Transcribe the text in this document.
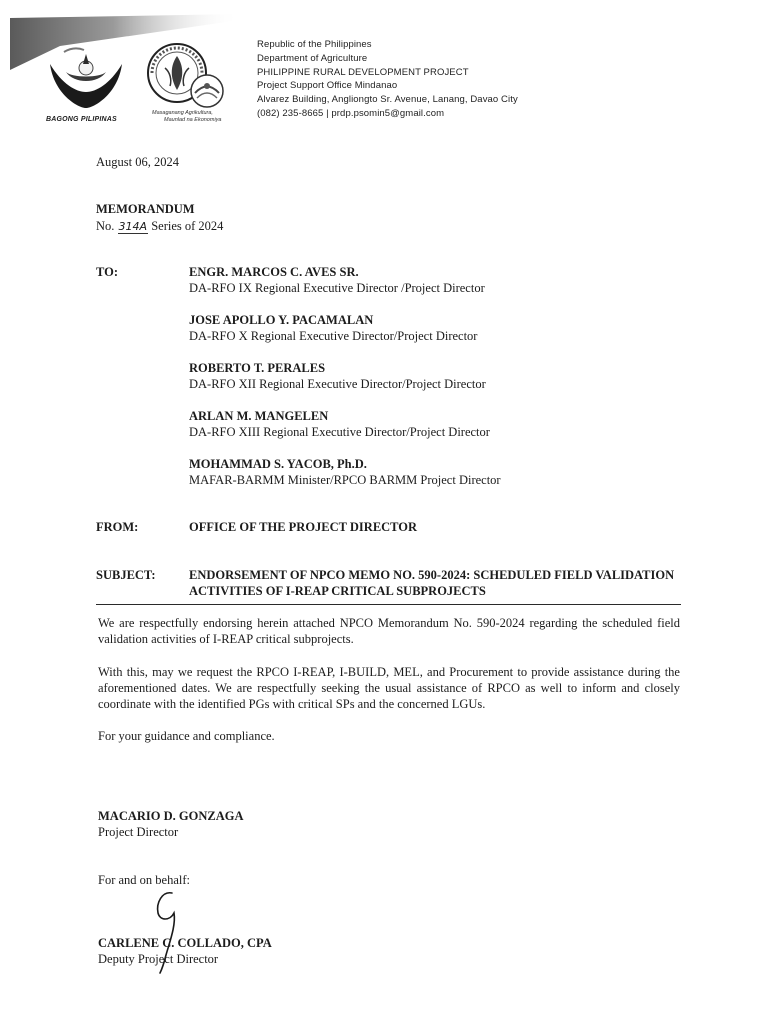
BAGONG PILIPINAS
Masaganang Agrikultura,
Maunlad na Ekonomiya
Republic of the Philippines
Department of Agriculture
PHILIPPINE RURAL DEVELOPMENT PROJECT
Project Support Office Mindanao
Alvarez Building, Angliongto Sr. Avenue, Lanang, Davao City
(082) 235-8665 | prdp.psomin5@gmail.com
August 06, 2024
MEMORANDUM
No. 314A Series of 2024
TO:	ENGR. MARCOS C. AVES SR.
DA-RFO IX Regional Executive Director /Project Director
JOSE APOLLO Y. PACAMALAN
DA-RFO X Regional Executive Director/Project Director
ROBERTO T. PERALES
DA-RFO XII Regional Executive Director/Project Director
ARLAN M. MANGELEN
DA-RFO XIII Regional Executive Director/Project Director
MOHAMMAD S. YACOB, Ph.D.
MAFAR-BARMM Minister/RPCO BARMM Project Director
FROM:	OFFICE OF THE PROJECT DIRECTOR
SUBJECT:	ENDORSEMENT OF NPCO MEMO NO. 590-2024: SCHEDULED FIELD VALIDATION
ACTIVITIES OF I-REAP CRITICAL SUBPROJECTS
We are respectfully endorsing herein attached NPCO Memorandum No. 590-2024 regarding the scheduled field validation activities of I-REAP critical subprojects.
With this, may we request the RPCO I-REAP, I-BUILD, MEL, and Procurement to provide assistance during the aforementioned dates. We are respectfully seeking the usual assistance of RPCO as well to inform and closely coordinate with the identified PGs with critical SPs and the concerned LGUs.
For your guidance and compliance.
MACARIO D. GONZAGA
Project Director
For and on behalf:
CARLENE C. COLLADO, CPA
Deputy Project Director
